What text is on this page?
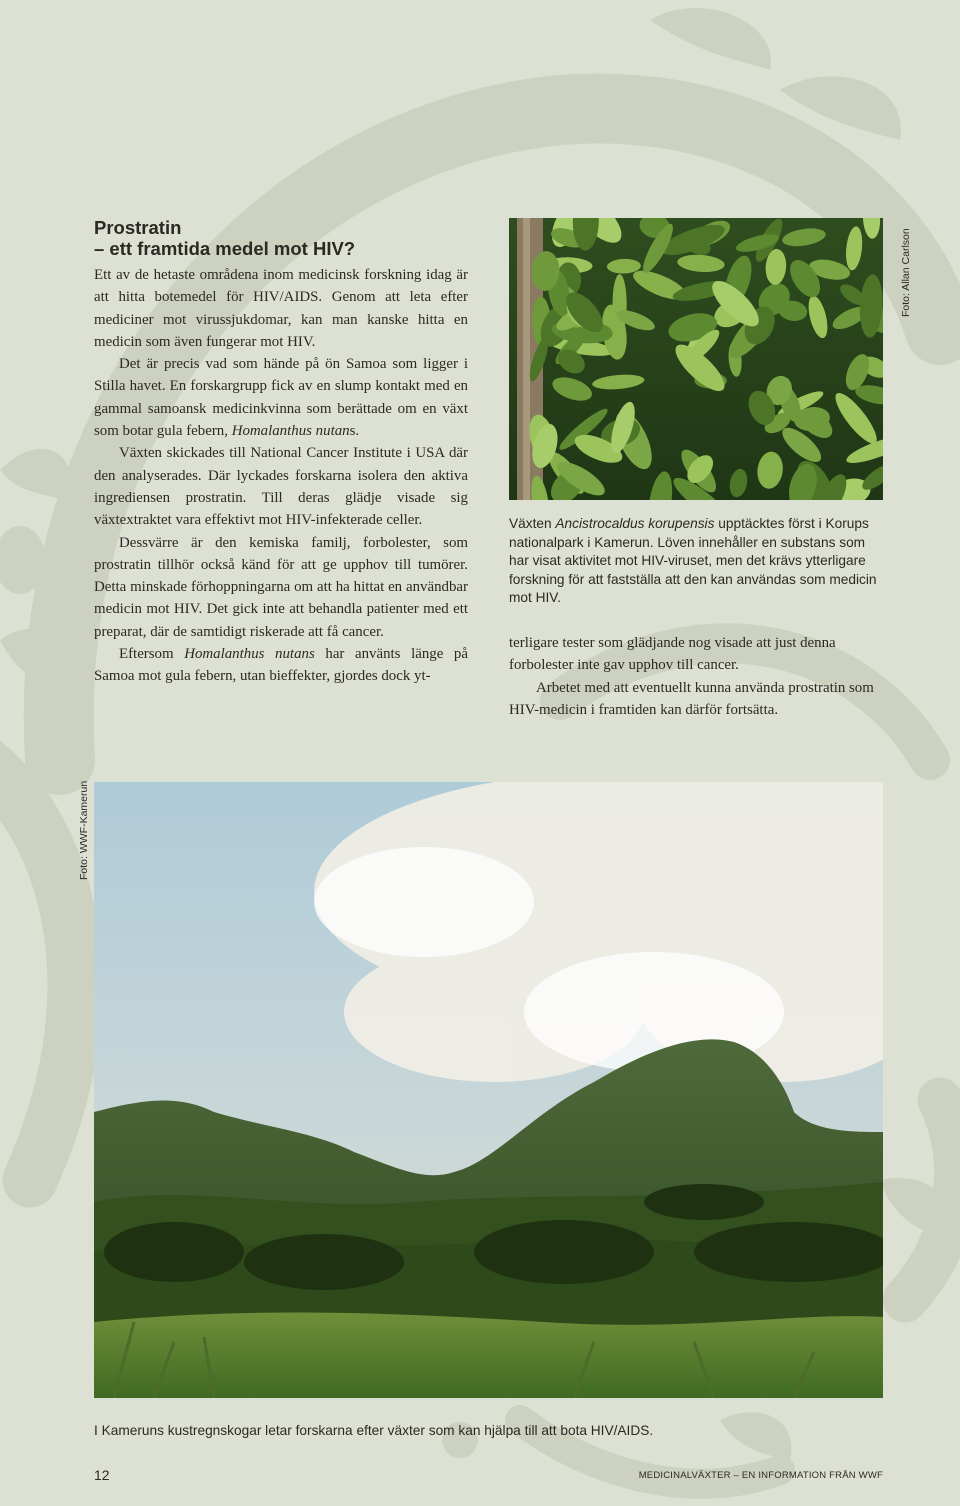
Prostratin
– ett framtida medel mot HIV?

Ett av de hetaste områdena inom medicinsk forskning idag är att hitta botemedel för HIV/AIDS. Genom att leta efter mediciner mot virussjukdomar, kan man kanske hitta en medicin som även fungerar mot HIV.

Det är precis vad som hände på ön Samoa som ligger i Stilla havet. En forskargrupp fick av en slump kontakt med en gammal samoansk medicinkvinna som berättade om en växt som botar gula febern, Homalanthus nutans.

Växten skickades till National Cancer Institute i USA där den analyserades. Där lyckades forskarna isolera den aktiva ingrediensen prostratin. Till deras glädje visade sig växtextraktet vara effektivt mot HIV-infekterade celler.

Dessvärre är den kemiska familj, forbolester, som prostratin tillhör också känd för att ge upphov till tumörer. Detta minskade förhoppningarna om att ha hittat en användbar medicin mot HIV. Det gick inte att behandla patienter med ett preparat, där de samtidigt riskerade att få cancer.

Eftersom Homalanthus nutans har använts länge på Samoa mot gula febern, utan bieffekter, gjordes dock yt-

Växten Ancistrocaldus korupensis upptäcktes först i Korups nationalpark i Kamerun. Löven innehåller en substans som har visat aktivitet mot HIV-viruset, men det krävs ytterligare forskning för att fastställa att den kan användas som medicin mot HIV.
Foto: Allan Carlson

terligare tester som glädjande nog visade att just denna forbolester inte gav upphov till cancer.

Arbetet med att eventuellt kunna använda prostratin som HIV-medicin i framtiden kan därför fortsätta.

I Kameruns kustregnskogar letar forskarna efter växter som kan hjälpa till att bota HIV/AIDS.
Foto: WWF-Kamerun
12	MEDICINALVÄXTER – EN INFORMATION FRÅN WWF
